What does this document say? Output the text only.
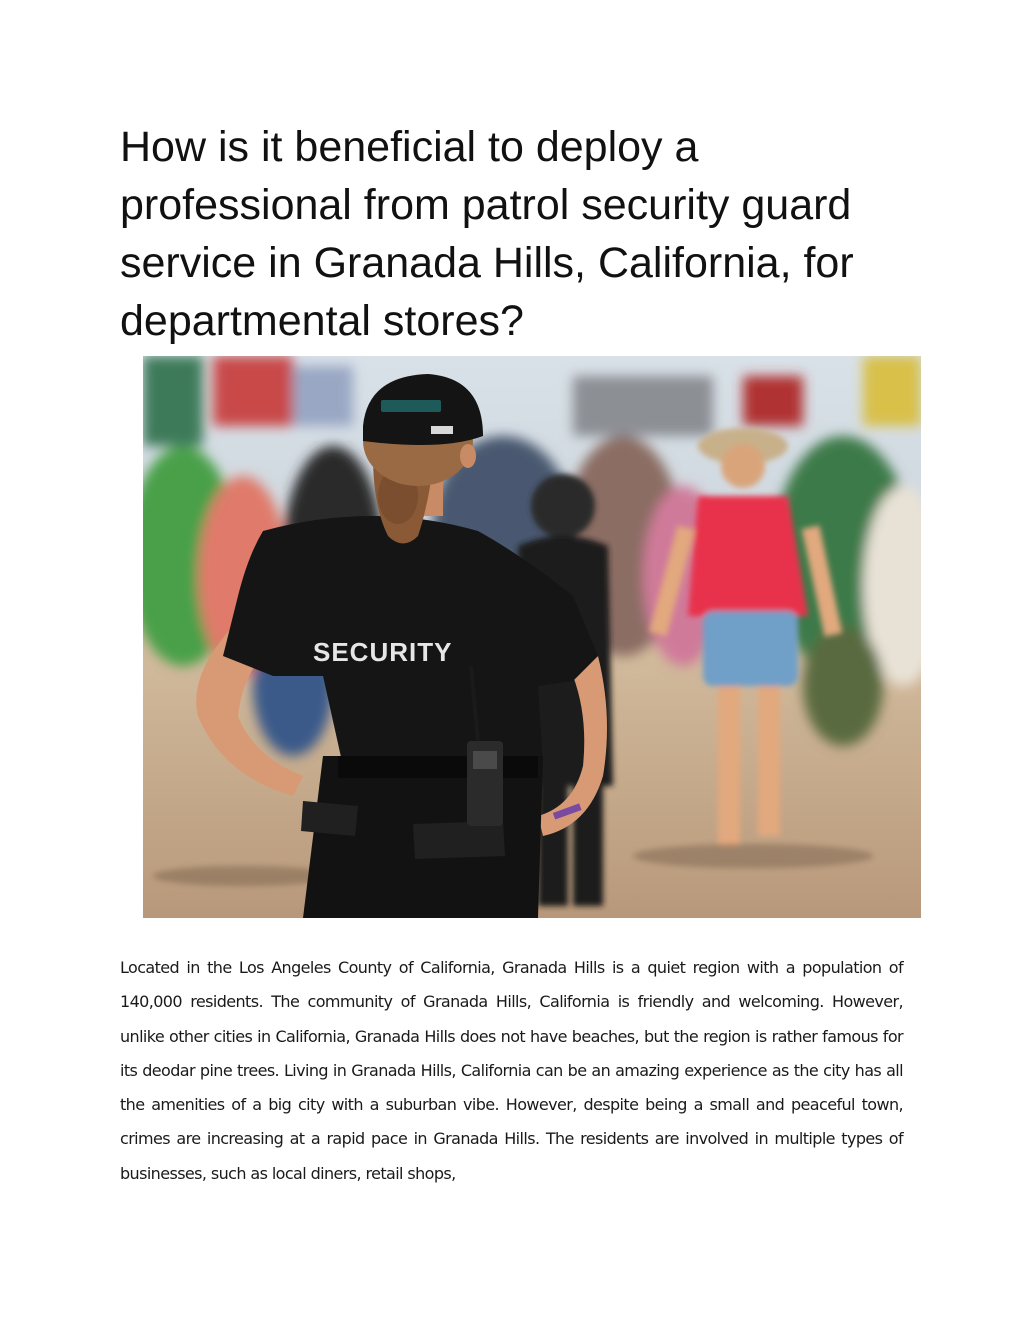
How is it beneficial to deploy a professional from patrol security guard service in Granada Hills, California, for departmental stores?
SECURITY

Located in the Los Angeles County of California, Granada Hills is a quiet region with a population of 140,000 residents. The community of Granada Hills, California is friendly and welcoming. However, unlike other cities in California, Granada Hills does not have beaches, but the region is rather famous for its deodar pine trees. Living in Granada Hills, California can be an amazing experience as the city has all the amenities of a big city with a suburban vibe. However, despite being a small and peaceful town, crimes are increasing at a rapid pace in Granada Hills. The residents are involved in multiple types of businesses, such as local diners, retail shops,
